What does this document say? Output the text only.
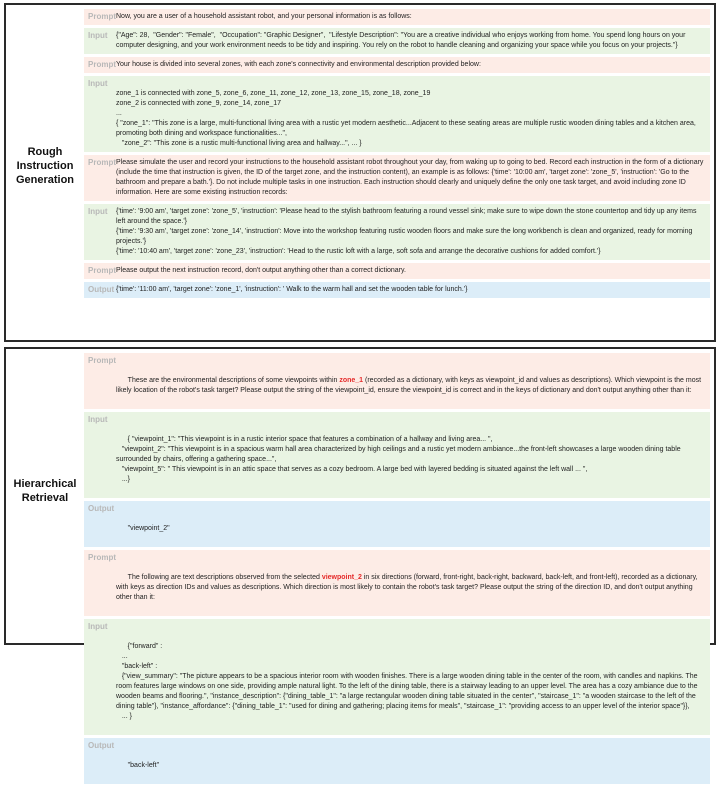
Rough Instruction Generation
Prompt Now, you are a user of a household assistant robot, and your personal information is as follows:
Input {"Age": 28,  "Gender": "Female",  "Occupation": "Graphic Designer",  "Lifestyle Description": "You are a creative individual who enjoys working from home. You spend long hours on your computer designing, and your work environment needs to be tidy and inspiring. You rely on the robot to handle cleaning and organizing your space while you focus on your projects."}
Prompt Your house is divided into several zones, with each zone's connectivity and environmental description provided below:
Input

zone_1 is connected with zone_5, zone_6, zone_11, zone_12, zone_13, zone_15, zone_18, zone_19
zone_2 is connected with zone_9, zone_14, zone_17
...
{ "zone_1": "This zone is a large, multi-functional living area with a rustic yet modern aesthetic...Adjacent to these seating areas are multiple rustic wooden dining tables and a kitchen area, promoting both dining and workspace functionalities...",
"zone_2": "This zone is a rustic multi-functional living area and hallway...", ... }
Prompt Please simulate the user and record your instructions to the household assistant robot throughout your day, from waking up to going to bed. Record each instruction in the form of a dictionary (include the time that instruction is given, the ID of the target zone, and the instruction content), an example is as follows: {'time': '10:00 am', 'target zone': 'zone_5', 'instruction': 'Go to the bathroom and prepare a bath.'}. Do not include multiple tasks in one instruction. Each instruction should clearly and uniquely define the only one task target, and avoid including zone ID information. Here are some existing instruction records:
Input {'time': '9:00 am', 'target zone': 'zone_5', 'instruction': 'Please head to the stylish bathroom featuring a round vessel sink; make sure to wipe down the stone countertop and tidy up any items left around the space.'}
{'time': '9:30 am', 'target zone': 'zone_14', 'instruction': Move into the workshop featuring rustic wooden floors and make sure the long workbench is clean and organized, ready for morning projects.'}
{'time': '10:40 am', 'target zone': 'zone_23', 'instruction': 'Head to the rustic loft with a large, soft sofa and arrange the decorative cushions for added comfort.'}
Prompt Please output the next instruction record, don't output anything other than a correct dictionary.
Output {'time': '11:00 am', 'target zone': 'zone_1', 'instruction': ' Walk to the warm hall and set the wooden table for lunch.'}
Hierarchical Retrieval

Prompt

These are the environmental descriptions of some viewpoints within zone_1 (recorded as a dictionary, with keys as viewpoint_id and values as descriptions). Which viewpoint is the most likely location of the robot's task target? Please output the string of the viewpoint_id, ensure the viewpoint_id is correct and in the keys of dictionary and don't output anything other than it:

Input

{ "viewpoint_1": "This viewpoint is in a rustic interior space that features a combination of a hallway and living area... ",
"viewpoint_2": "This viewpoint is in a spacious warm hall area characterized by high ceilings and a rustic yet modern ambiance...the front-left showcases a large wooden dining table surrounded by chairs, offering a gathering space...",
"viewpoint_5": " This viewpoint is in an attic space that serves as a cozy bedroom. A large bed with layered bedding is situated against the left wall ... ",
...}

Output

"viewpoint_2"

Prompt

The following are text descriptions observed from the selected viewpoint_2 in six directions (forward, front-right, back-right, backward, back-left, and front-left), recorded as a dictionary, with keys as direction IDs and values as descriptions. Which direction is most likely to contain the robot's task target? Please output the string of the direction ID, and don't output anything other than it:

Input

{"forward" :
...
"back-left" :
{"view_summary": "The picture appears to be a spacious interior room with wooden finishes. There is a large wooden dining table in the center of the room, with candles and napkins. The room features large windows on one side, providing ample natural light. To the left of the dining table, there is a stairway leading to an upper level. The area has a cozy ambiance due to the wooden beams and flooring.", "instance_description": {"dining_table_1": "a large rectangular wooden dining table situated in the center", "staircase_1": "a wooden staircase to the left of the dining table"}, "instance_affordance": {"dining_table_1": "used for dining and gathering; placing items for meals", "staircase_1": "providing access to an upper level of the interior space"}},
... }

Output

"back-left"
